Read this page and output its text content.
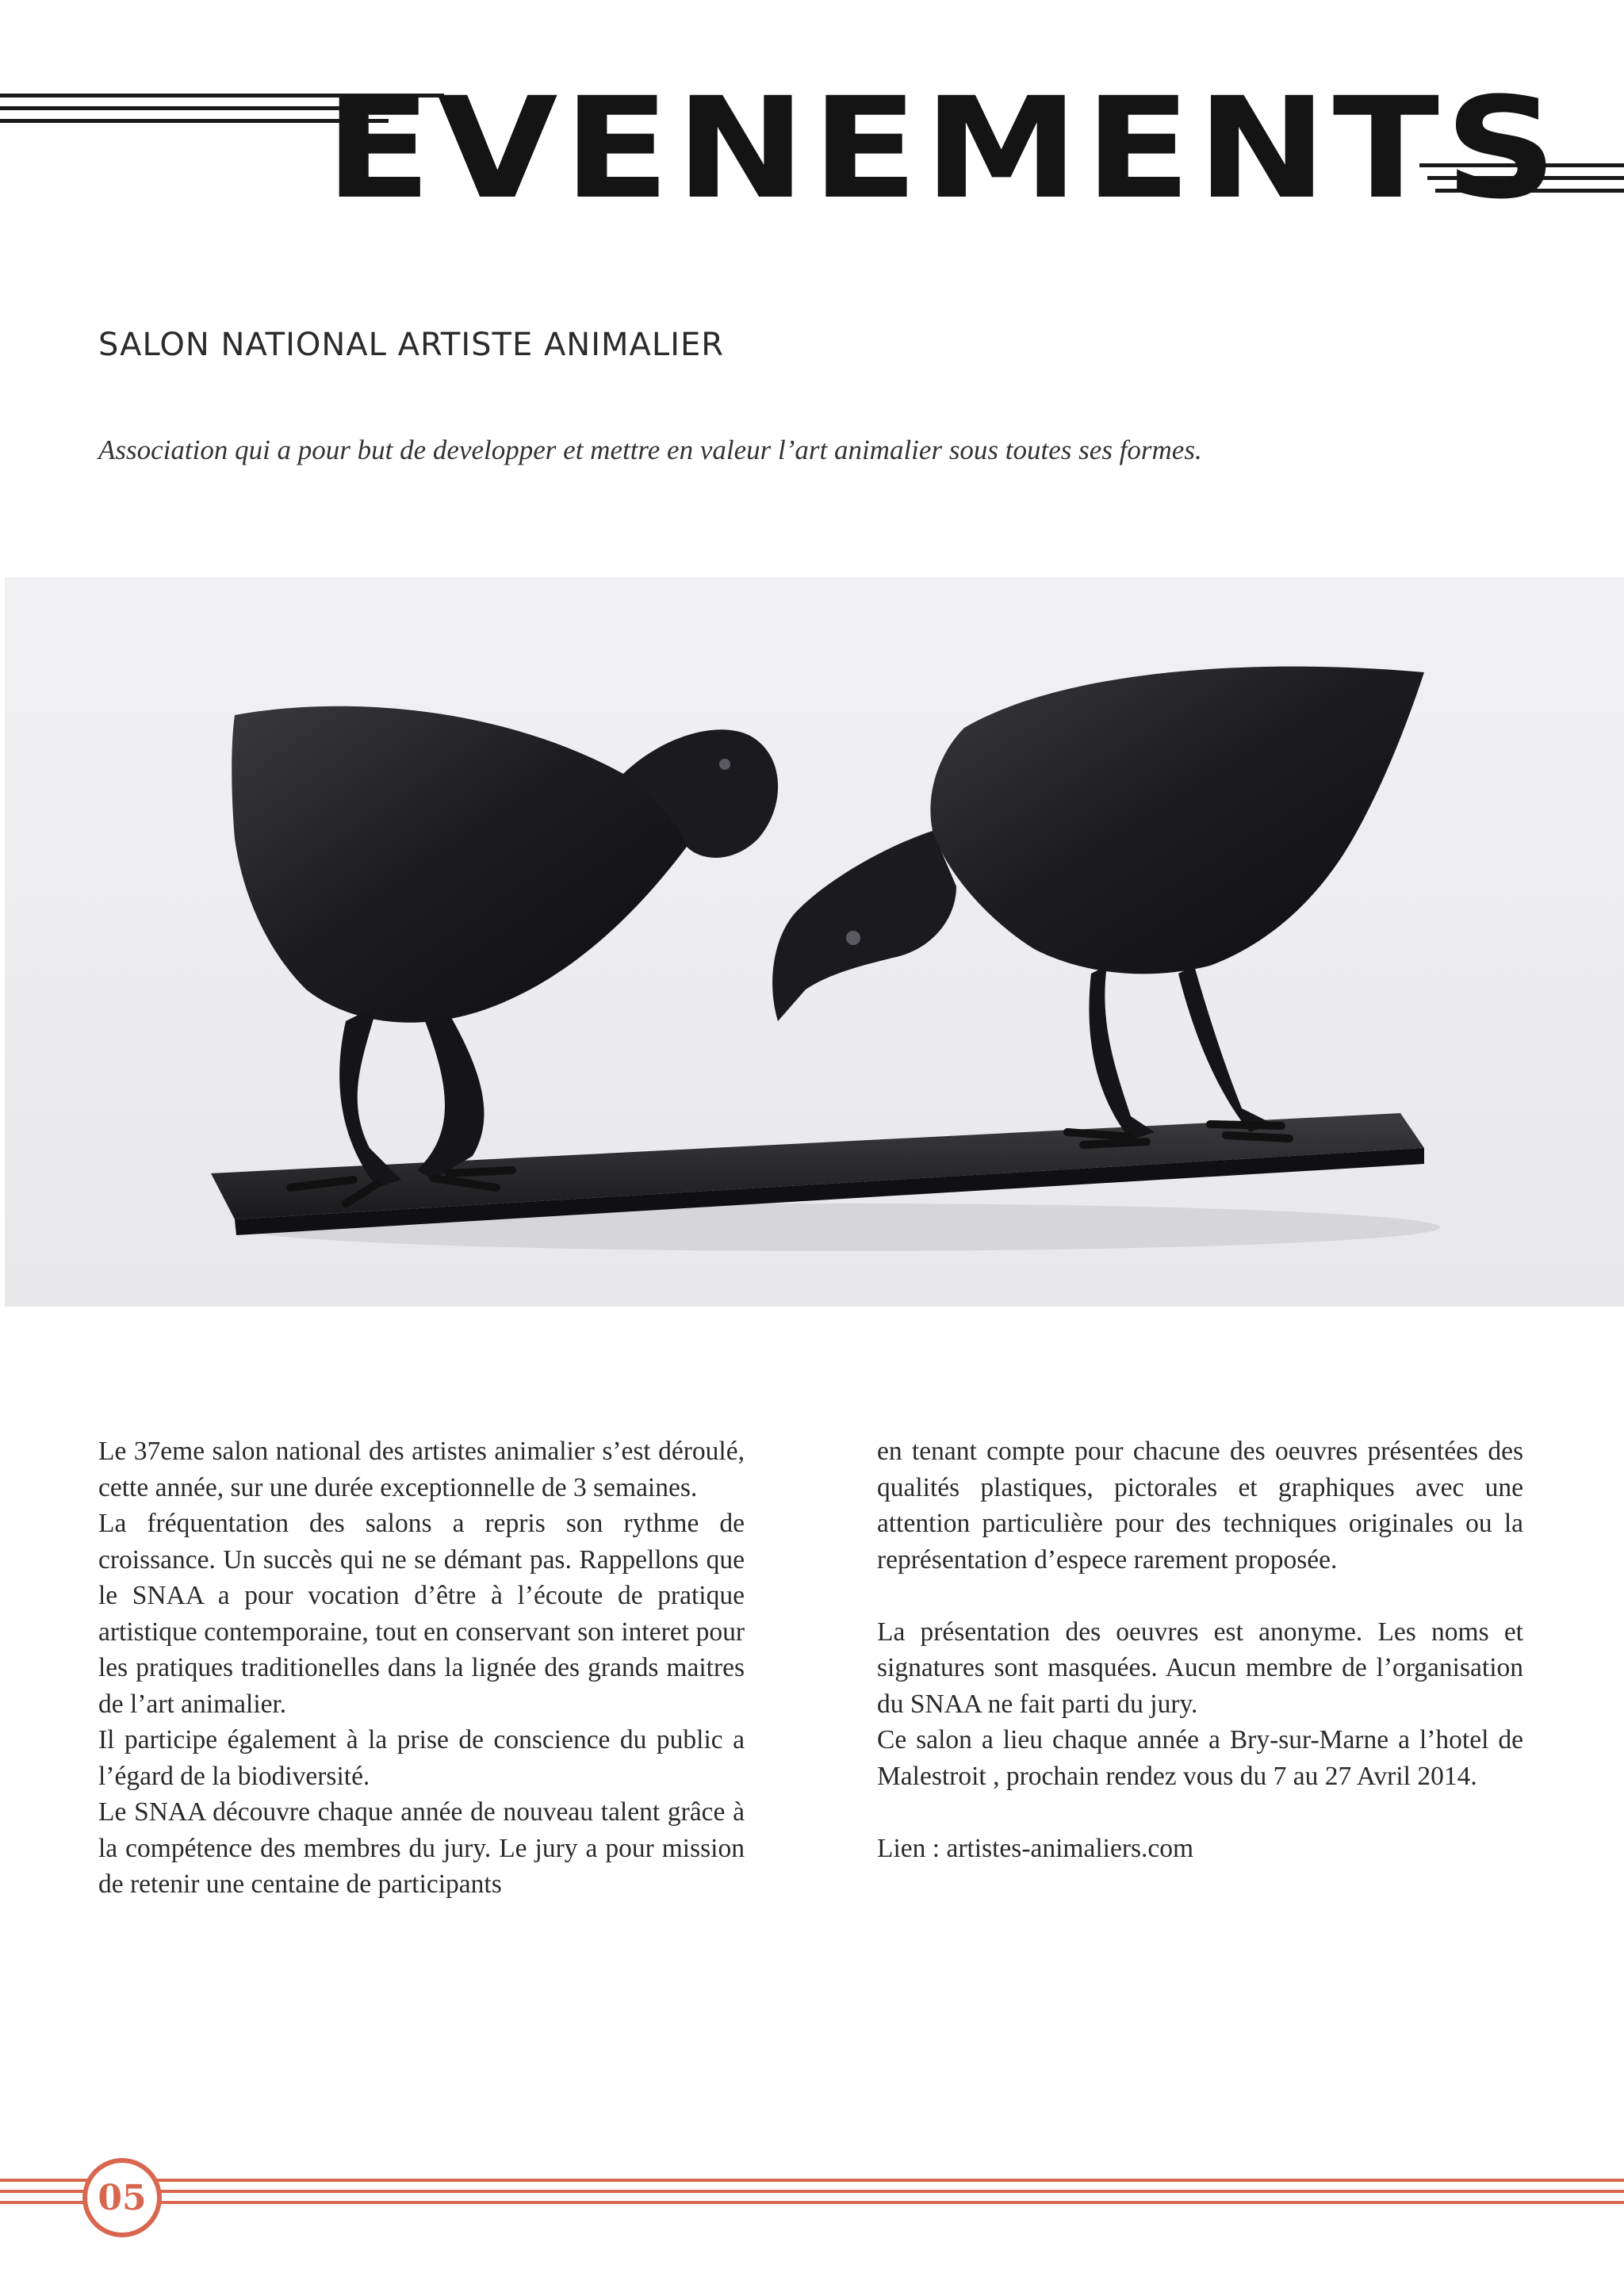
EVENEMENTS
SALON NATIONAL ARTISTE ANIMALIER

Association qui a pour but de developper et mettre en valeur l’art animalier sous toutes ses formes.

Le 37eme salon national des artistes animalier s’est déroulé, cette année, sur une durée exceptionnelle de 3 semaines.

La fréquentation des salons a repris son rythme de croissance. Un succès qui ne se démant pas. Rappellons que le SNAA a pour vocation d’être à l’écoute de pratique artistique contemporaine, tout en conservant son interet pour les pratiques traditionelles dans la lignée des grands maitres de l’art animalier.

Il participe également à la prise de conscience du public a l’égard de la biodiversité.

Le SNAA découvre chaque année de nouveau talent grâce à la compétence des membres du jury. Le jury a pour mission de retenir une centaine de participants

en tenant compte pour chacune des oeuvres présentées des qualités plastiques, pictorales et graphiques avec une attention particulière pour des techniques originales ou la représentation d’espece rarement proposée.

La présentation des oeuvres est anonyme. Les noms et signatures sont masquées. Aucun membre de l’organisation du SNAA ne fait parti du jury.

Ce salon a lieu chaque année a Bry-sur-Marne a l’hotel de Malestroit , prochain rendez vous du 7 au 27 Avril 2014.

Lien : artistes-animaliers.com

05
